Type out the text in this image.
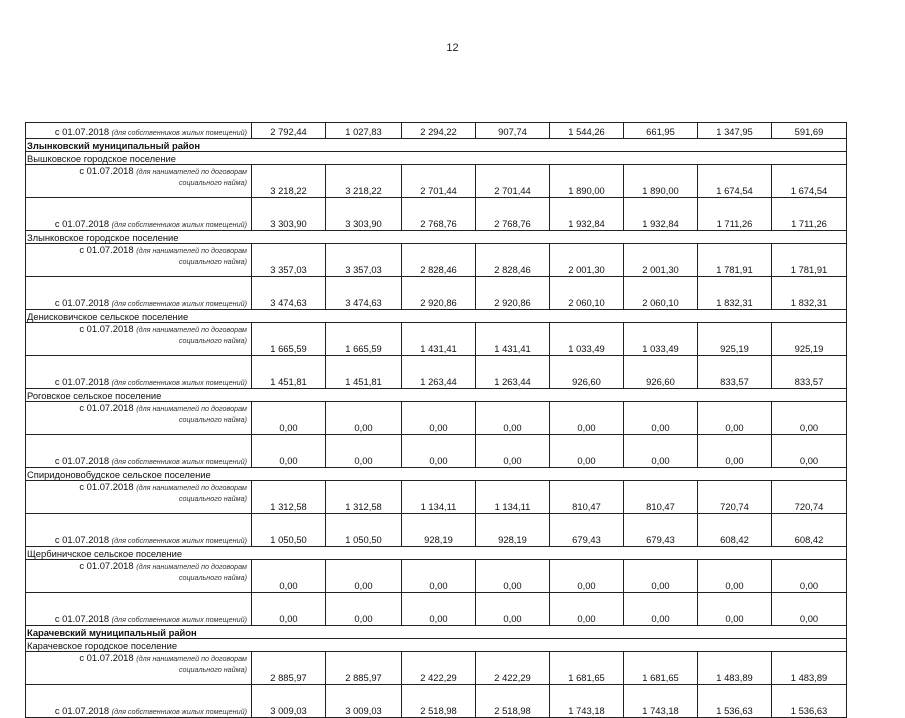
12
с 01.07.2018 (для собственников жилых помещений)	2 792,44	1 027,83	2 294,22	907,74	1 544,26	661,95	1 347,95	591,69
Злынковский муниципальный район								
Вышковское городское поселение								

с 01.07.2018 (для нанимателей по договорам
социального найма)	3 218,22	3 218,22	2 701,44	2 701,44	1 890,00	1 890,00	1 674,54	1 674,54

с 01.07.2018 (для собственников жилых помещений)	3 303,90	3 303,90	2 768,76	2 768,76	1 932,84	1 932,84	1 711,26	1 711,26
Злынковское городское поселение								

с 01.07.2018 (для нанимателей по договорам
социального найма)	3 357,03	3 357,03	2 828,46	2 828,46	2 001,30	2 001,30	1 781,91	1 781,91

с 01.07.2018 (для собственников жилых помещений)	3 474,63	3 474,63	2 920,86	2 920,86	2 060,10	2 060,10	1 832,31	1 832,31
Денисковичское сельское поселение								

с 01.07.2018 (для нанимателей по договорам
социального найма)	1 665,59	1 665,59	1 431,41	1 431,41	1 033,49	1 033,49	925,19	925,19

с 01.07.2018 (для собственников жилых помещений)	1 451,81	1 451,81	1 263,44	1 263,44	926,60	926,60	833,57	833,57
Роговское сельское поселение								

с 01.07.2018 (для нанимателей по договорам
социального найма)	0,00	0,00	0,00	0,00	0,00	0,00	0,00	0,00

с 01.07.2018 (для собственников жилых помещений)	0,00	0,00	0,00	0,00	0,00	0,00	0,00	0,00
Спиридоновобудское сельское поселение								

с 01.07.2018 (для нанимателей по договорам
социального найма)	1 312,58	1 312,58	1 134,11	1 134,11	810,47	810,47	720,74	720,74

с 01.07.2018 (для собственников жилых помещений)	1 050,50	1 050,50	928,19	928,19	679,43	679,43	608,42	608,42
Щербиничское сельское поселение								

с 01.07.2018 (для нанимателей по договорам
социального найма)	0,00	0,00	0,00	0,00	0,00	0,00	0,00	0,00

с 01.07.2018 (для собственников жилых помещений)	0,00	0,00	0,00	0,00	0,00	0,00	0,00	0,00
Карачевский муниципальный район								
Карачевское городское поселение								

с 01.07.2018 (для нанимателей по договорам
социального найма)	2 885,97	2 885,97	2 422,29	2 422,29	1 681,65	1 681,65	1 483,89	1 483,89

с 01.07.2018 (для собственников жилых помещений)	3 009,03	3 009,03	2 518,98	2 518,98	1 743,18	1 743,18	1 536,63	1 536,63
